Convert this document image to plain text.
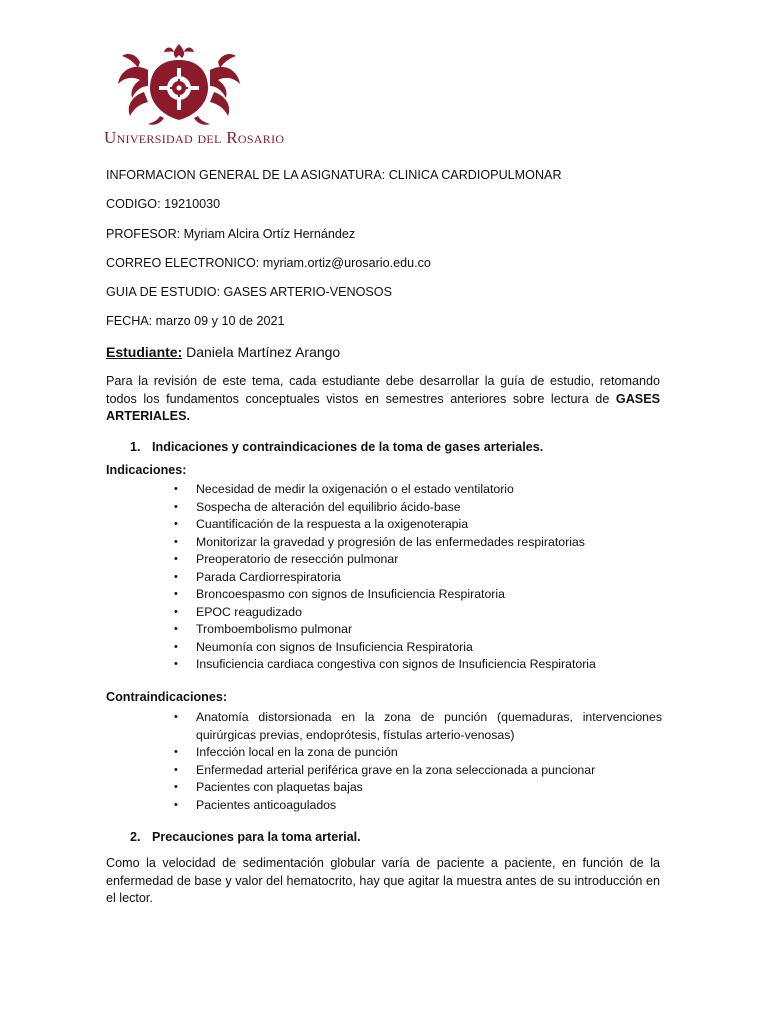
Universidad del Rosario
INFORMACION GENERAL DE LA ASIGNATURA: CLINICA CARDIOPULMONAR
CODIGO: 19210030
PROFESOR: Myriam Alcira Ortíz Hernández
CORREO ELECTRONICO: myriam.ortiz@urosario.edu.co
GUIA DE ESTUDIO: GASES ARTERIO-VENOSOS
FECHA: marzo 09 y 10 de 2021
Estudiante: Daniela Martínez Arango
Para la revisión de este tema, cada estudiante debe desarrollar la guía de estudio, retomando todos los fundamentos conceptuales vistos en semestres anteriores sobre lectura de GASES ARTERIALES.
1. Indicaciones y contraindicaciones de la toma de gases arteriales.
Indicaciones:
• Necesidad de medir la oxigenación o el estado ventilatorio
• Sospecha de alteración del equilibrio ácido-base
• Cuantificación de la respuesta a la oxigenoterapia
• Monitorizar la gravedad y progresión de las enfermedades respiratorias
• Preoperatorio de resección pulmonar
• Parada Cardiorrespiratoria
• Broncoespasmo con signos de Insuficiencia Respiratoria
• EPOC reagudizado
• Tromboembolismo pulmonar
• Neumonía con signos de Insuficiencia Respiratoria
• Insuficiencia cardiaca congestiva con signos de Insuficiencia Respiratoria
Contraindicaciones:
• Anatomía distorsionada en la zona de punción (quemaduras, intervenciones quirúrgicas previas, endoprótesis, fístulas arterio-venosas)
• Infección local en la zona de punción
• Enfermedad arterial periférica grave en la zona seleccionada a puncionar
• Pacientes con plaquetas bajas
• Pacientes anticoagulados
2. Precauciones para la toma arterial.
Como la velocidad de sedimentación globular varía de paciente a paciente, en función de la enfermedad de base y valor del hematocrito, hay que agitar la muestra antes de su introducción en el lector.
